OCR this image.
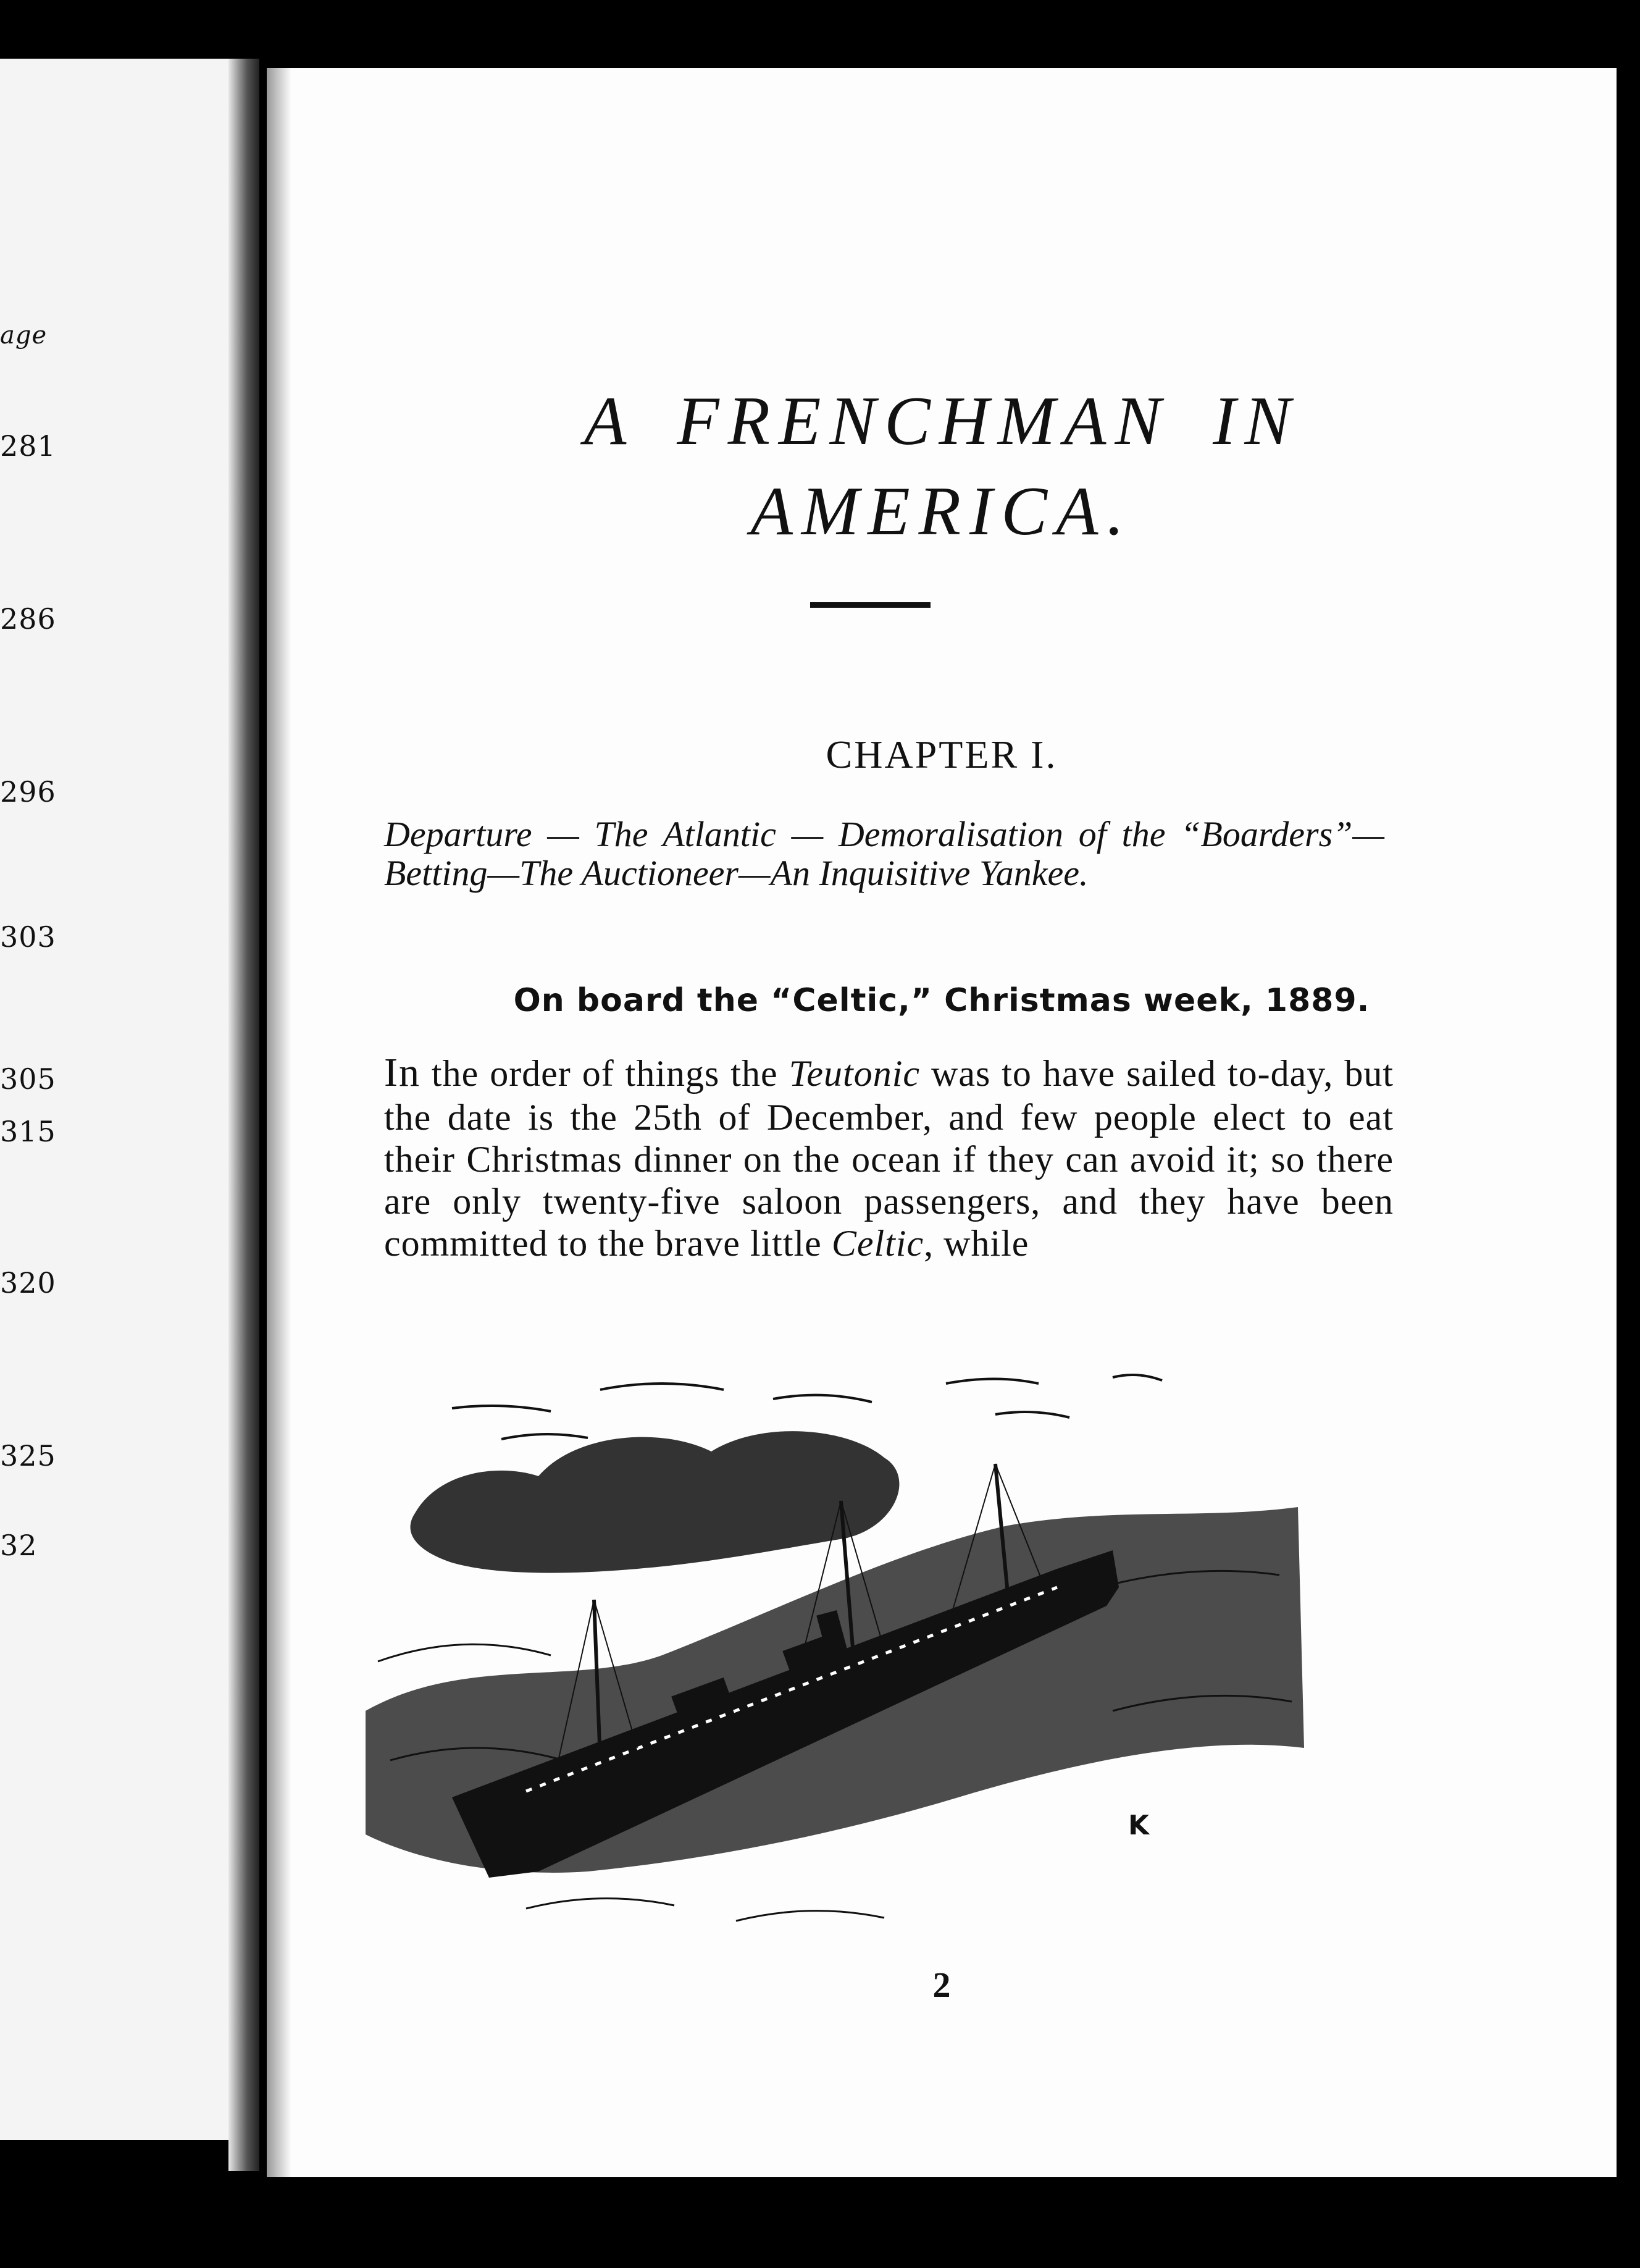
age
281
286
296
303
305
315
320
325
32
A FRENCHMAN IN
AMERICA.
CHAPTER I.
Departure — The Atlantic — Demoralisation of the “Boarders”—Betting—The Auctioneer—An Inquisitive Yankee.
On board the “Celtic,” Christmas week, 1889.
In the order of things the Teutonic was to have sailed to-day, but the date is the 25th of December, and few people elect to eat their Christmas dinner on the ocean if they can avoid it; so there are only twenty-five saloon passengers, and they have been committed to the brave little Celtic, while
K
2
